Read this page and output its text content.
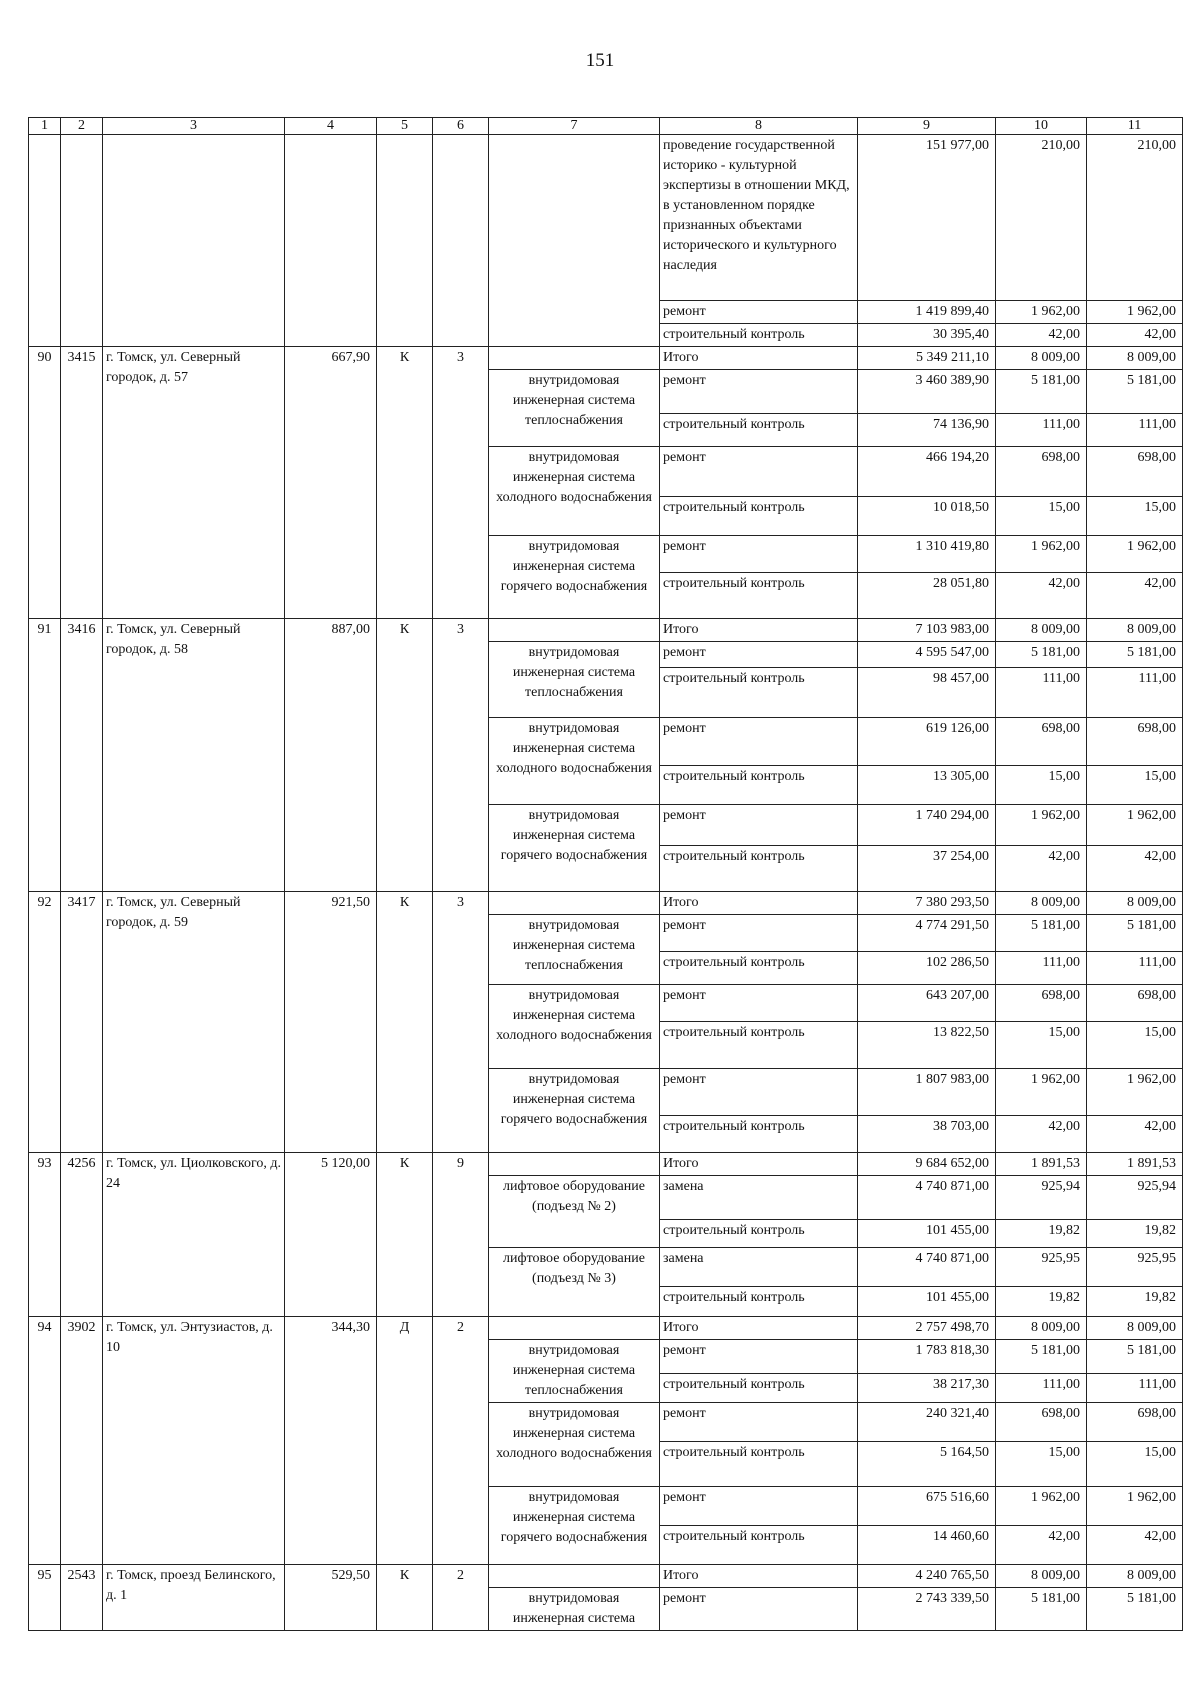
151
1	2	3	4	5	6	7	8	9	10	11
							проведение государственной историко - культурной экспертизы в отношении МКД, в установленном порядке признанных объектами исторического и культурного наследия	151 977,00	210,00	210,00
							ремонт	1 419 899,40	1 962,00	1 962,00
							строительный контроль	30 395,40	42,00	42,00
90	3415	г. Томск, ул. Северный городок, д. 57	667,90	К	3		Итого	5 349 211,10	8 009,00	8 009,00
						внутридомовая инженерная система теплоснабжения	ремонт	3 460 389,90	5 181,00	5 181,00
							строительный контроль	74 136,90	111,00	111,00
						внутридомовая инженерная система холодного водоснабжения	ремонт	466 194,20	698,00	698,00
							строительный контроль	10 018,50	15,00	15,00
						внутридомовая инженерная система горячего водоснабжения	ремонт	1 310 419,80	1 962,00	1 962,00
							строительный контроль	28 051,80	42,00	42,00
91	3416	г. Томск, ул. Северный городок, д. 58	887,00	К	3		Итого	7 103 983,00	8 009,00	8 009,00
						внутридомовая инженерная система теплоснабжения	ремонт	4 595 547,00	5 181,00	5 181,00
							строительный контроль	98 457,00	111,00	111,00
						внутридомовая инженерная система холодного водоснабжения	ремонт	619 126,00	698,00	698,00
							строительный контроль	13 305,00	15,00	15,00
						внутридомовая инженерная система горячего водоснабжения	ремонт	1 740 294,00	1 962,00	1 962,00
							строительный контроль	37 254,00	42,00	42,00
92	3417	г. Томск, ул. Северный городок, д. 59	921,50	К	3		Итого	7 380 293,50	8 009,00	8 009,00
						внутридомовая инженерная система теплоснабжения	ремонт	4 774 291,50	5 181,00	5 181,00
							строительный контроль	102 286,50	111,00	111,00
						внутридомовая инженерная система холодного водоснабжения	ремонт	643 207,00	698,00	698,00
							строительный контроль	13 822,50	15,00	15,00
						внутридомовая инженерная система горячего водоснабжения	ремонт	1 807 983,00	1 962,00	1 962,00
							строительный контроль	38 703,00	42,00	42,00
93	4256	г. Томск, ул. Циолковского, д. 24	5 120,00	К	9		Итого	9 684 652,00	1 891,53	1 891,53
						лифтовое оборудование (подъезд № 2)	замена	4 740 871,00	925,94	925,94
							строительный контроль	101 455,00	19,82	19,82
						лифтовое оборудование (подъезд № 3)	замена	4 740 871,00	925,95	925,95
							строительный контроль	101 455,00	19,82	19,82
94	3902	г. Томск, ул. Энтузиастов, д. 10	344,30	Д	2		Итого	2 757 498,70	8 009,00	8 009,00
						внутридомовая инженерная система теплоснабжения	ремонт	1 783 818,30	5 181,00	5 181,00
							строительный контроль	38 217,30	111,00	111,00
						внутридомовая инженерная система холодного водоснабжения	ремонт	240 321,40	698,00	698,00
							строительный контроль	5 164,50	15,00	15,00
						внутридомовая инженерная система горячего водоснабжения	ремонт	675 516,60	1 962,00	1 962,00
							строительный контроль	14 460,60	42,00	42,00
95	2543	г. Томск, проезд Белинского, д. 1	529,50	К	2		Итого	4 240 765,50	8 009,00	8 009,00
						внутридомовая инженерная система	ремонт	2 743 339,50	5 181,00	5 181,00
